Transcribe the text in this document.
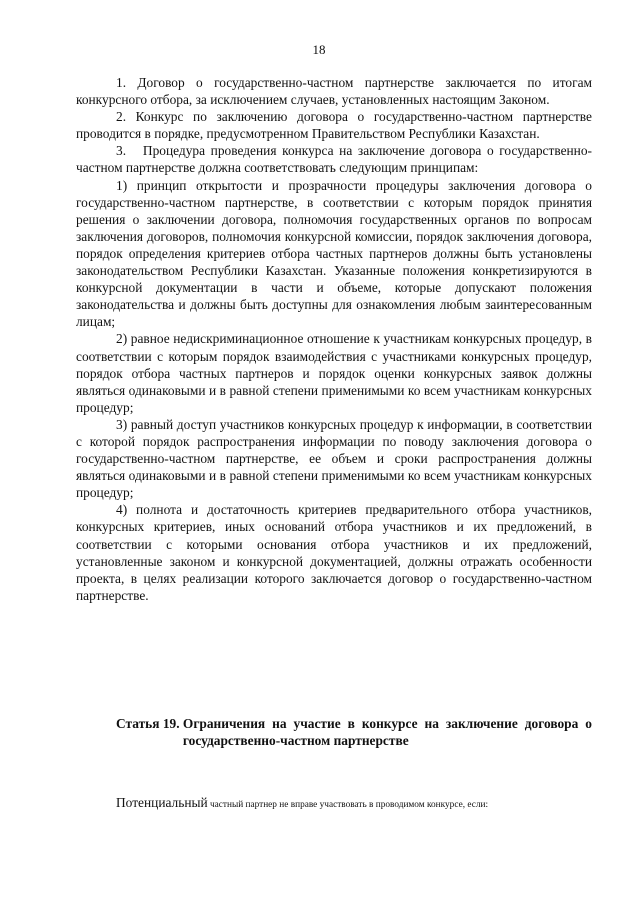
18

1. Договор о государственно-частном партнерстве заключается по итогам конкурсного отбора, за исключением случаев, установленных настоящим Законом.

2. Конкурс по заключению договора о государственно-частном партнерстве проводится в порядке, предусмотренном Правительством Республики Казахстан.

3.   Процедура проведения конкурса на заключение договора о государственно-частном партнерстве должна соответствовать следующим принципам:

1) принцип открытости и прозрачности процедуры заключения договора о государственно-частном партнерстве, в соответствии с которым порядок принятия решения о заключении договора, полномочия государственных органов по вопросам заключения договоров, полномочия конкурсной комиссии, порядок заключения договора, порядок определения критериев отбора частных партнеров должны быть установлены законодательством Республики Казахстан. Указанные положения конкретизируются в конкурсной документации в части и объеме, которые допускают положения законодательства и должны быть доступны для ознакомления любым заинтересованным лицам;

2) равное недискриминационное отношение к участникам конкурсных процедур, в соответствии с которым порядок взаимодействия с участниками конкурсных процедур, порядок отбора частных партнеров и порядок оценки конкурсных заявок должны являться одинаковыми и в равной степени применимыми ко всем участникам конкурсных процедур;

3) равный доступ участников конкурсных процедур к информации, в соответствии с которой порядок распространения информации по поводу заключения договора о государственно-частном партнерстве, ее объем и сроки распространения должны являться одинаковыми и в равной степени применимыми ко всем участникам конкурсных процедур;

4) полнота и достаточность критериев предварительного отбора участников, конкурсных критериев, иных оснований отбора участников и их предложений, в соответствии с которыми основания отбора участников и их предложений, установленные законом и конкурсной документацией, должны отражать особенности проекта, в целях реализации которого заключается договор о государственно-частном партнерстве.

Статья 19. Ограничения на участие в конкурсе на заключение договора о государственно-частном партнерстве
Потенциальный частный партнер не вправе участвовать в проводимом конкурсе, если:
